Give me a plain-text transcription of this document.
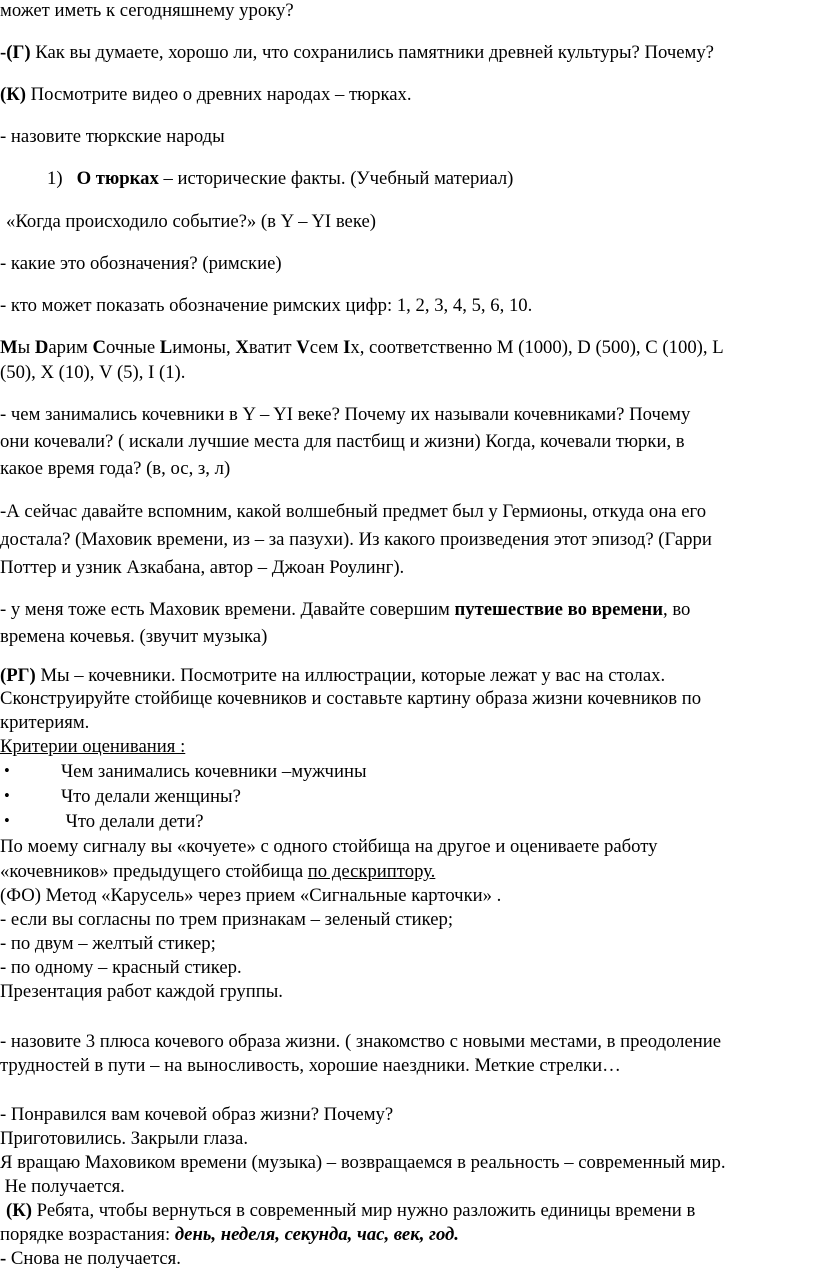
может иметь к сегодняшнему уроку?
-(Г) Как вы думаете, хорошо ли, что сохранились памятники древней культуры? Почему?
(К) Посмотрите видео о древних народах – тюрках.
- назовите тюркские народы
1) О тюрках – исторические факты. (Учебный материал)
«Когда происходило событие?» (в Y – YI веке)
- какие это обозначения? (римские)
- кто может показать обозначение римских цифр: 1, 2, 3, 4, 5, 6, 10.
Мы Dарим Сочные Lимоны, Хватит Vсем Iх, соответственно М (1000), D (500), С (100), L
(50), Х (10), V (5), I (1).
- чем занимались кочевники в Y – YI веке? Почему их называли кочевниками? Почему
они кочевали? ( искали лучшие места для пастбищ и жизни) Когда, кочевали тюрки, в
какое время года? (в, ос, з, л)
-А сейчас давайте вспомним, какой волшебный предмет был у Гермионы, откуда она его
достала? (Маховик времени, из – за пазухи). Из какого произведения этот эпизод? (Гарри
Поттер и узник Азкабана, автор – Джоан Роулинг).
- у меня тоже есть Маховик времени. Давайте совершим путешествие во времени, во
времена кочевья. (звучит музыка)
(РГ) Мы – кочевники. Посмотрите на иллюстрации, которые лежат у вас на столах.
Сконструируйте стойбище кочевников и составьте картину образа жизни кочевников по
критериям.
Критерии оценивания :
•	Чем занимались кочевники –мужчины
•	Что делали женщины?
•	Что делали дети?
По моему сигналу вы «кочуете» с одного стойбища на другое и оцениваете работу
«кочевников» предыдущего стойбища по дескриптору.
(ФО) Метод «Карусель» через прием «Сигнальные карточки» .
- если вы согласны по трем признакам – зеленый стикер;
- по двум – желтый стикер;
- по одному – красный стикер.
Презентация работ каждой группы.
- назовите 3 плюса кочевого образа жизни. ( знакомство с новыми местами, в преодоление
трудностей в пути – на выносливость, хорошие наездники. Меткие стрелки…
- Понравился вам кочевой образ жизни? Почему?
Приготовились. Закрыли глаза.
Я вращаю Маховиком времени (музыка) – возвращаемся в реальность – современный мир.
Не получается.
(К) Ребята, чтобы вернуться в современный мир нужно разложить единицы времени в
порядке возрастания: день, неделя, секунда, час, век, год.
- Снова не получается.
